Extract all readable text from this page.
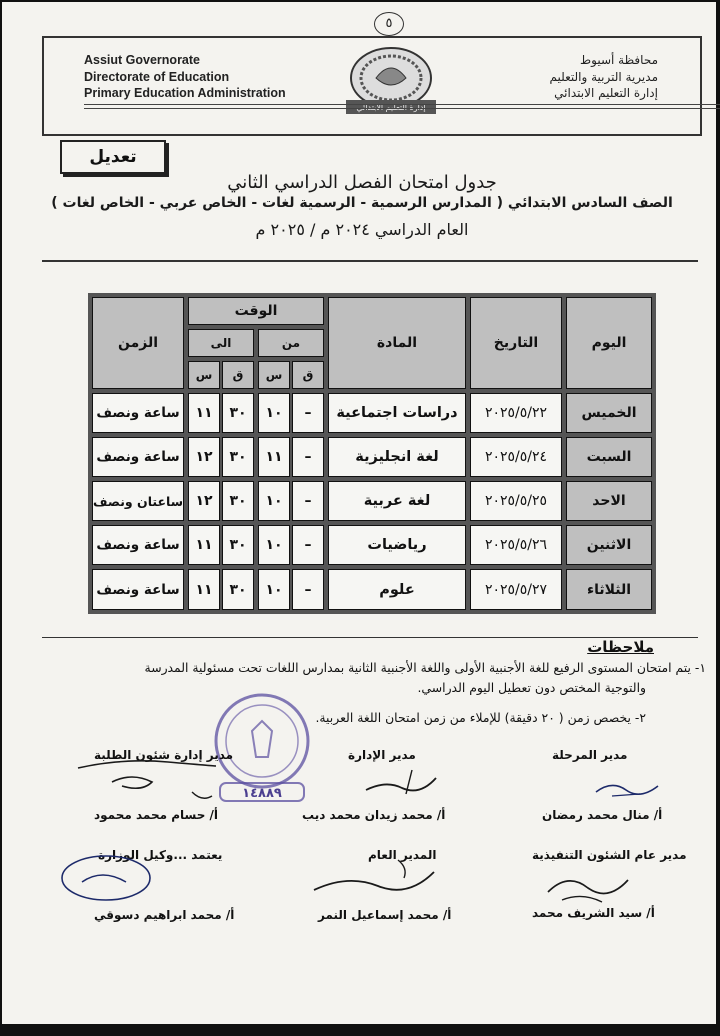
٥
Assiut Governorate
Directorate of Education
Primary Education Administration
إدارة التعليم الابتدائي
محافظة أسيوط
مديرية التربية والتعليم
إدارة التعليم الابتدائي
تعديل
جدول امتحان الفصل الدراسي الثاني
الصف السادس الابتدائي ( المدارس الرسمية - الرسمية لغات - الخاص عربي - الخاص لغات )
العام الدراسي ٢٠٢٤ م / ٢٠٢٥ م
اليوم
التاريخ
المادة
الوقت
من
الى
ق
س
ق
س
الزمن
الخميس
٢٠٢٥/٥/٢٢
دراسات اجتماعية
–
١٠
٣٠
١١
ساعة ونصف
السبت
٢٠٢٥/٥/٢٤
لغة انجليزية
–
١١
٣٠
١٢
ساعة ونصف
الاحد
٢٠٢٥/٥/٢٥
لغة عربية
–
١٠
٣٠
١٢
ساعتان ونصف
الاثنين
٢٠٢٥/٥/٢٦
رياضيات
–
١٠
٣٠
١١
ساعة ونصف
الثلاثاء
٢٠٢٥/٥/٢٧
علوم
–
١٠
٣٠
١١
ساعة ونصف
ملاحظات
١- يتم امتحان المستوى الرفيع للغة الأجنبية الأولى واللغة الأجنبية الثانية بمدارس اللغات تحت مسئولية المدرسة
والتوجية المختص دون تعطيل اليوم الدراسي.
٢- يخصص زمن ( ٢٠ دقيقة) للإملاء من زمن امتحان اللغة العربية.
١٤٨٨٩
مدير المرحلة
أ/ منال محمد رمضان
مدير الإدارة
أ/ محمد زيدان محمد ديب
مدير إدارة شئون الطلبة
أ/ حسام محمد محمود
مدير عام الشئون التنفيذية
أ/ سيد الشريف محمد
المدير العام
أ/ محمد إسماعيل النمر
يعتمد ...وكيل الوزارة
أ/ محمد ابراهيم دسوقي
